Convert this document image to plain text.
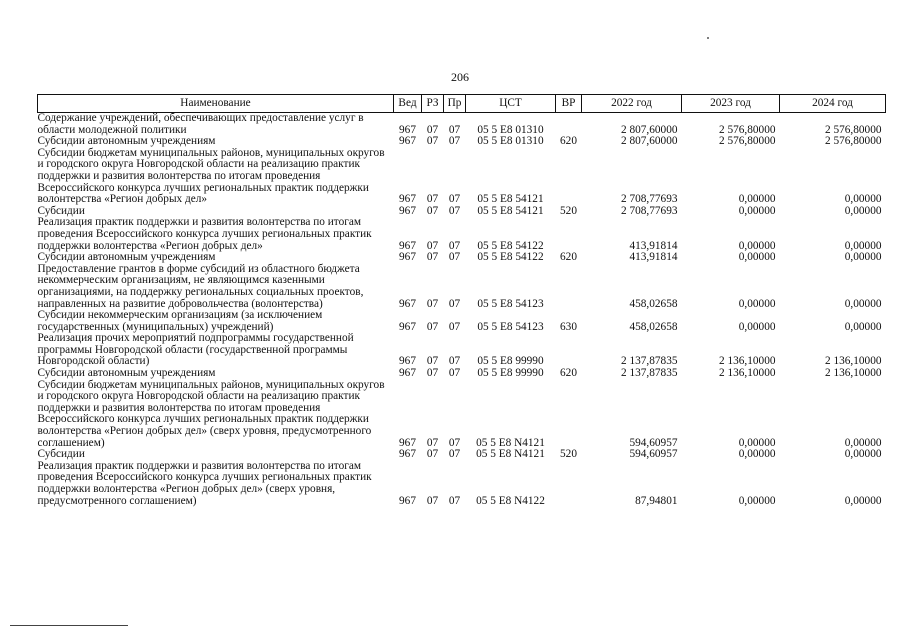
206
Наименование	Вед	РЗ	Пр	ЦСТ	ВР	2022 год	2023 год	2024 год
Содержание учреждений, обеспечивающих предоставление услуг в области молодежной политики	967	07	07	05 5 E8 01310		2 807,60000	2 576,80000	2 576,80000
Субсидии автономным учреждениям	967	07	07	05 5 E8 01310	620	2 807,60000	2 576,80000	2 576,80000
Субсидии бюджетам муниципальных районов, муниципальных округов и городского округа Новгородской области на реализацию практик поддержки и развития волонтерства по итогам проведения Всероссийского конкурса лучших региональных практик поддержки волонтерства «Регион добрых дел»	967	07	07	05 5 E8 54121		2 708,77693	0,00000	0,00000
Субсидии	967	07	07	05 5 E8 54121	520	2 708,77693	0,00000	0,00000
Реализация практик поддержки и развития волонтерства по итогам проведения Всероссийского конкурса лучших региональных практик поддержки волонтерства «Регион добрых дел»	967	07	07	05 5 E8 54122		413,91814	0,00000	0,00000
Субсидии автономным учреждениям	967	07	07	05 5 E8 54122	620	413,91814	0,00000	0,00000
Предоставление грантов в форме субсидий из областного бюджета некоммерческим организациям, не являющимся казенными организациями, на поддержку региональных социальных проектов, направленных на развитие добровольчества (волонтерства)	967	07	07	05 5 E8 54123		458,02658	0,00000	0,00000
Субсидии некоммерческим организациям (за исключением государственных (муниципальных) учреждений)	967	07	07	05 5 E8 54123	630	458,02658	0,00000	0,00000
Реализация прочих мероприятий подпрограммы государственной программы Новгородской области (государственной программы Новгородской области)	967	07	07	05 5 E8 99990		2 137,87835	2 136,10000	2 136,10000
Субсидии автономным учреждениям	967	07	07	05 5 E8 99990	620	2 137,87835	2 136,10000	2 136,10000
Субсидии бюджетам муниципальных районов, муниципальных округов и городского округа Новгородской области на реализацию практик поддержки и развития волонтерства по итогам проведения Всероссийского конкурса лучших региональных практик поддержки волонтерства «Регион добрых дел» (сверх уровня, предусмотренного соглашением)	967	07	07	05 5 E8 N4121		594,60957	0,00000	0,00000
Субсидии	967	07	07	05 5 E8 N4121	520	594,60957	0,00000	0,00000
Реализация практик поддержки и развития волонтерства по итогам проведения Всероссийского конкурса лучших региональных практик поддержки волонтерства «Регион добрых дел» (сверх уровня, предусмотренного соглашением)	967	07	07	05 5 E8 N4122		87,94801	0,00000	0,00000
